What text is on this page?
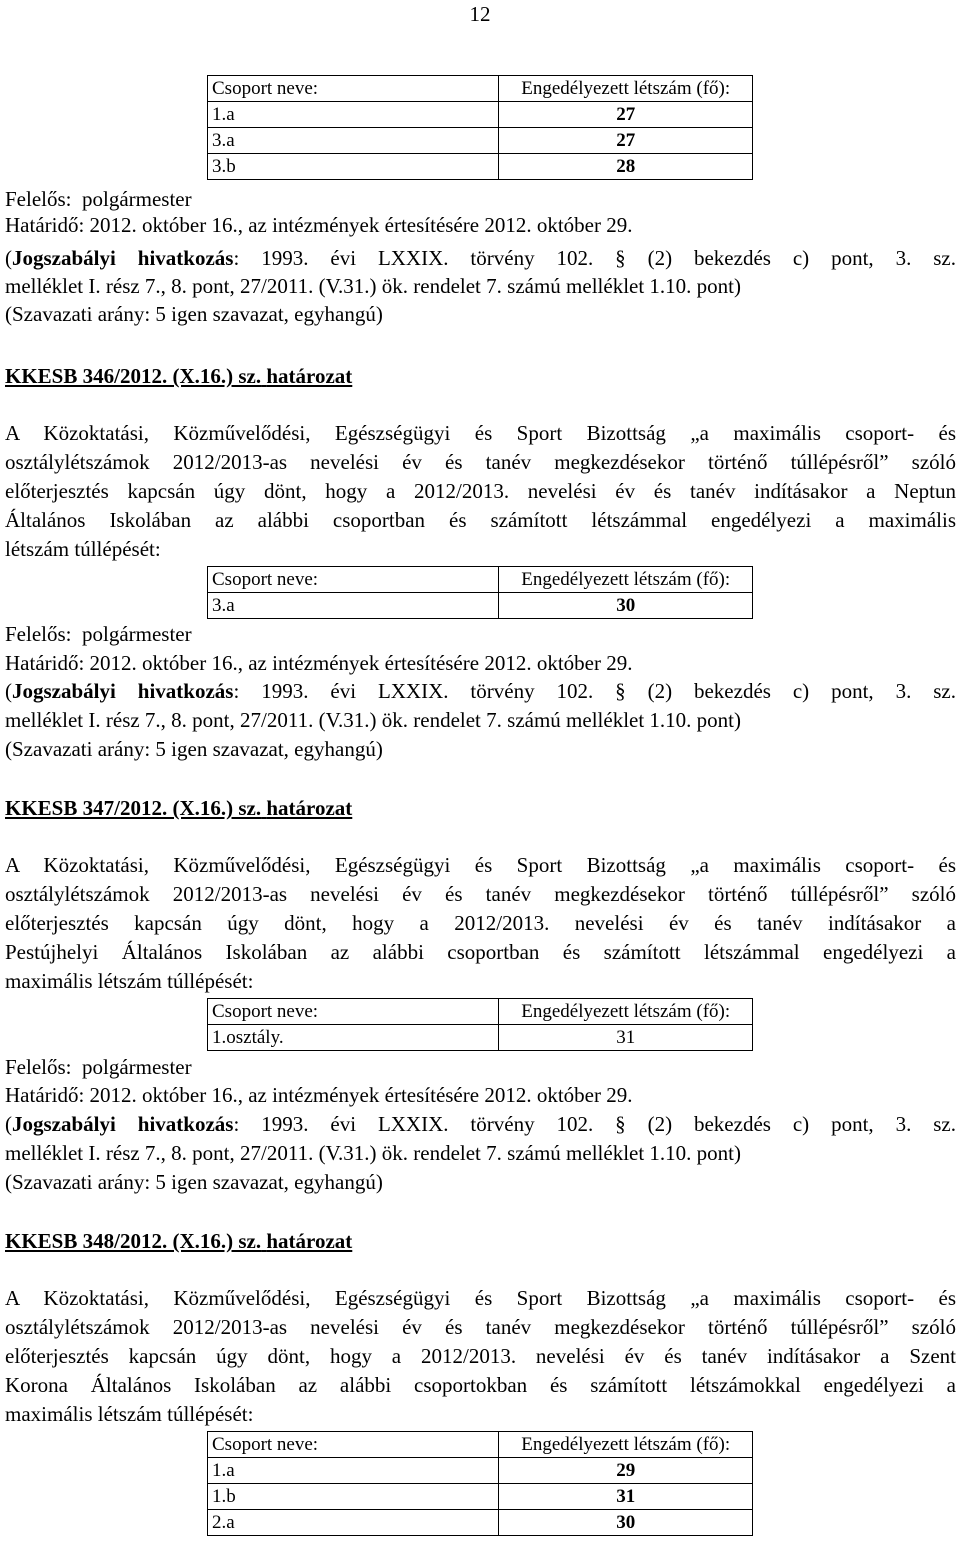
12
Csoport neve:	Engedélyezett létszám (fő):
1.a	27
3.a	27
3.b	28
Felelős: polgármester
Határidő: 2012. október 16., az intézmények értesítésére 2012. október 29.
(Jogszabályi hivatkozás: 1993. évi LXXIX. törvény 102. § (2) bekezdés c) pont, 3. sz.
melléklet I. rész 7., 8. pont, 27/2011. (V.31.) ök. rendelet 7. számú melléklet 1.10. pont)
(Szavazati arány: 5 igen szavazat, egyhangú)
KKESB 346/2012. (X.16.) sz. határozat
A Közoktatási, Közművelődési, Egészségügyi és Sport Bizottság „a maximális csoport- és
osztálylétszámok 2012/2013-as nevelési év és tanév megkezdésekor történő túllépésről” szóló
előterjesztés kapcsán úgy dönt, hogy a 2012/2013. nevelési év és tanév indításakor a Neptun
Általános Iskolában az alábbi csoportban és számított létszámmal engedélyezi a maximális
létszám túllépését:
Csoport neve:	Engedélyezett létszám (fő):
3.a	30
Felelős: polgármester
Határidő: 2012. október 16., az intézmények értesítésére 2012. október 29.
(Jogszabályi hivatkozás: 1993. évi LXXIX. törvény 102. § (2) bekezdés c) pont, 3. sz.
melléklet I. rész 7., 8. pont, 27/2011. (V.31.) ök. rendelet 7. számú melléklet 1.10. pont)
(Szavazati arány: 5 igen szavazat, egyhangú)
KKESB 347/2012. (X.16.) sz. határozat
A Közoktatási, Közművelődési, Egészségügyi és Sport Bizottság „a maximális csoport- és
osztálylétszámok 2012/2013-as nevelési év és tanév megkezdésekor történő túllépésről” szóló
előterjesztés kapcsán úgy dönt, hogy a 2012/2013. nevelési év és tanév indításakor a
Pestújhelyi Általános Iskolában az alábbi csoportban és számított létszámmal engedélyezi a
maximális létszám túllépését:
Csoport neve:	Engedélyezett létszám (fő):
1.osztály.	31
Felelős: polgármester
Határidő: 2012. október 16., az intézmények értesítésére 2012. október 29.
(Jogszabályi hivatkozás: 1993. évi LXXIX. törvény 102. § (2) bekezdés c) pont, 3. sz.
melléklet I. rész 7., 8. pont, 27/2011. (V.31.) ök. rendelet 7. számú melléklet 1.10. pont)
(Szavazati arány: 5 igen szavazat, egyhangú)
KKESB 348/2012. (X.16.) sz. határozat
A Közoktatási, Közművelődési, Egészségügyi és Sport Bizottság „a maximális csoport- és
osztálylétszámok 2012/2013-as nevelési év és tanév megkezdésekor történő túllépésről” szóló
előterjesztés kapcsán úgy dönt, hogy a 2012/2013. nevelési év és tanév indításakor a Szent
Korona Általános Iskolában az alábbi csoportokban és számított létszámokkal engedélyezi a
maximális létszám túllépését:
Csoport neve:	Engedélyezett létszám (fő):
1.a	29
1.b	31
2.a	30
